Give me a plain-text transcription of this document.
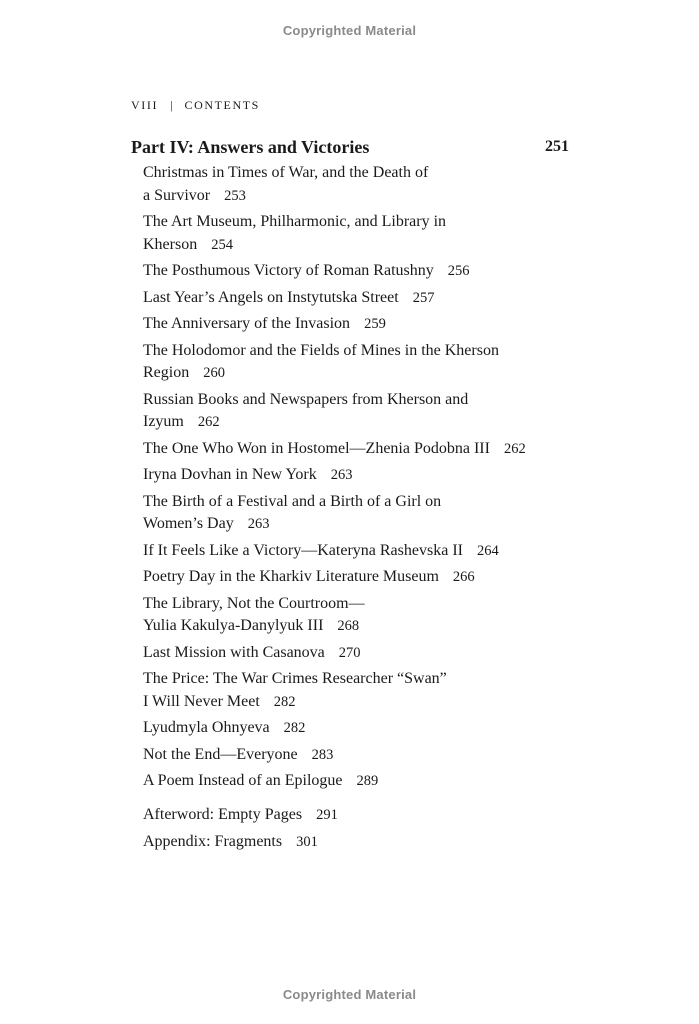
Copyrighted Material
VIII | CONTENTS
Part IV: Answers and Victories	251
Christmas in Times of War, and the Death of
a Survivor 253
The Art Museum, Philharmonic, and Library in
Kherson 254
The Posthumous Victory of Roman Ratushny 256
Last Year’s Angels on Instytutska Street 257
The Anniversary of the Invasion 259
The Holodomor and the Fields of Mines in the Kherson
Region 260
Russian Books and Newspapers from Kherson and
Izyum 262
The One Who Won in Hostomel—Zhenia Podobna III 262
Iryna Dovhan in New York 263
The Birth of a Festival and a Birth of a Girl on
Women’s Day 263
If It Feels Like a Victory—Kateryna Rashevska II 264
Poetry Day in the Kharkiv Literature Museum 266
The Library, Not the Courtroom—
Yulia Kakulya-Danylyuk III 268
Last Mission with Casanova 270
The Price: The War Crimes Researcher “Swan”
I Will Never Meet 282
Lyudmyla Ohnyeva 282
Not the End—Everyone 283
A Poem Instead of an Epilogue 289
Afterword: Empty Pages 291
Appendix: Fragments 301
Copyrighted Material
